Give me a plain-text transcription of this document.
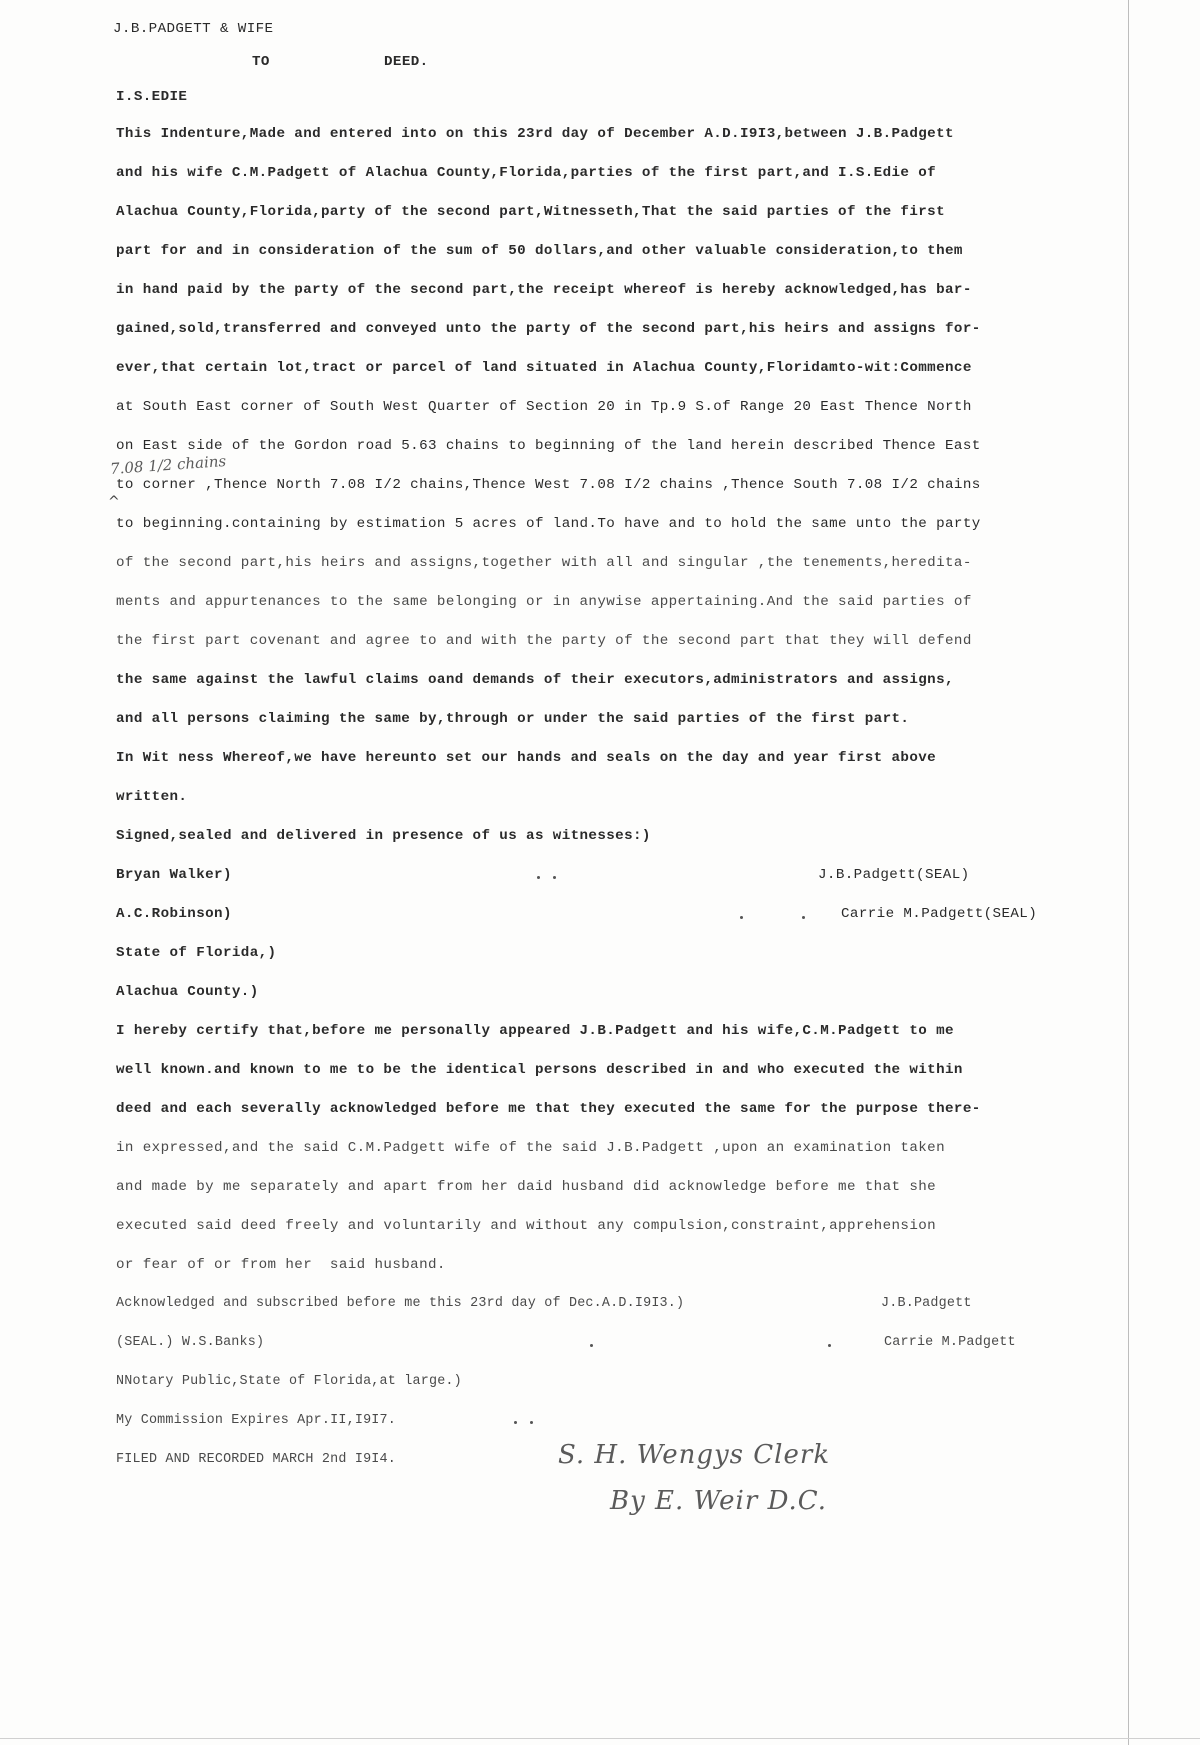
J.B.PADGETT & WIFE
TO	DEED.
I.S.EDIE
This Indenture,Made and entered into on this 23rd day of December A.D.I9I3,between J.B.Padgett
and his wife C.M.Padgett of Alachua County,Florida,parties of the first part,and I.S.Edie of
Alachua County,Florida,party of the second part,Witnesseth,That the said parties of the first
part for and in consideration of the sum of 50 dollars,and other valuable consideration,to them
in hand paid by the party of the second part,the receipt whereof is hereby acknowledged,has bar-
gained,sold,transferred and conveyed unto the party of the second part,his heirs and assigns for-
ever,that certain lot,tract or parcel of land situated in Alachua County,Floridamto-wit:Commence
at South East corner of South West Quarter of Section 20 in Tp.9 S.of Range 20 East Thence North
on East side of the Gordon road 5.63 chains to beginning of the land herein described Thence East
7.08 1/2 chains
to corner ,Thence North 7.08 I/2 chains,Thence West 7.08 I/2 chains ,Thence South 7.08 I/2 chains
^
to beginning.containing by estimation 5 acres of land.To have and to hold the same unto the party
of the second part,his heirs and assigns,together with all and singular ,the tenements,heredita-
ments and appurtenances to the same belonging or in anywise appertaining.And the said parties of
the first part covenant and agree to and with the party of the second part that they will defend
the same against the lawful claims oand demands of their executors,administrators and assigns,
and all persons claiming the same by,through or under the said parties of the first part.
In Wit ness Whereof,we have hereunto set our hands and seals on the day and year first above
written.
Signed,sealed and delivered in presence of us as witnesses:)
Bryan Walker)	J.B.Padgett(SEAL)
A.C.Robinson)	Carrie M.Padgett(SEAL)
State of Florida,)
Alachua County.)
I hereby certify that,before me personally appeared J.B.Padgett and his wife,C.M.Padgett to me
well known.and known to me to be the identical persons described in and who executed the within
deed and each severally acknowledged before me that they executed the same for the purpose there-
in expressed,and the said C.M.Padgett wife of the said J.B.Padgett ,upon an examination taken
and made by me separately and apart from her daid husband did acknowledge before me that she
executed said deed freely and voluntarily and without any compulsion,constraint,apprehension
or fear of or from her  said husband.
Acknowledged and subscribed before me this 23rd day of Dec.A.D.I9I3.)	J.B.Padgett
(SEAL.) W.S.Banks)	Carrie M.Padgett
NNotary Public,State of Florida,at large.)
My Commission Expires Apr.II,I9I7.
FILED AND RECORDED MARCH 2nd I9I4.	S. H. Wengys Clerk
By E. Weir D.C.
